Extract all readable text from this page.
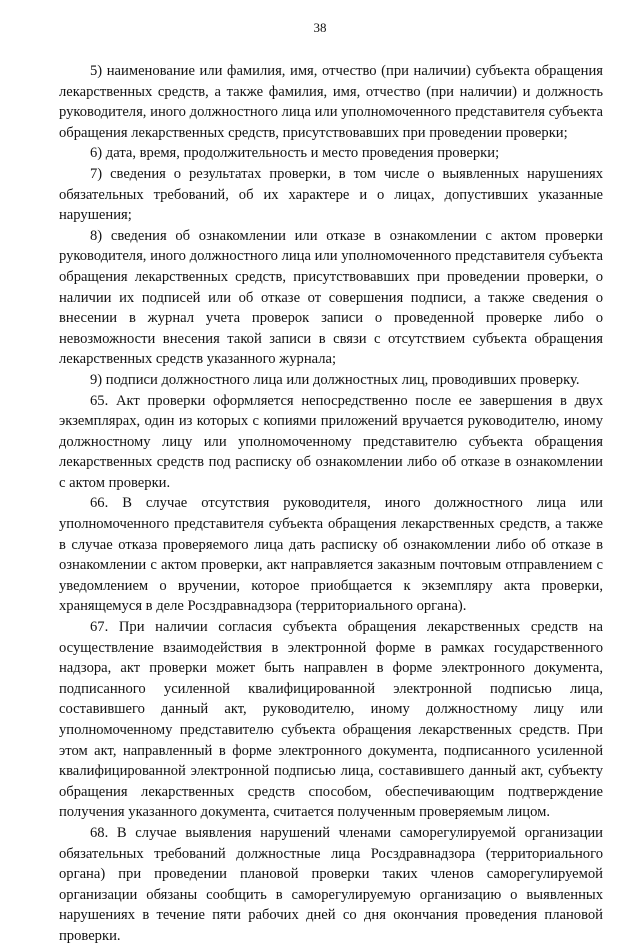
38

5) наименование или фамилия, имя, отчество (при наличии) субъекта обращения лекарственных средств, а также фамилия, имя, отчество (при наличии) и должность руководителя, иного должностного лица или уполномоченного представителя субъекта обращения лекарственных средств, присутствовавших при проведении проверки;

6) дата, время, продолжительность и место проведения проверки;

7) сведения о результатах проверки, в том числе о выявленных нарушениях обязательных требований, об их характере и о лицах, допустивших указанные нарушения;

8) сведения об ознакомлении или отказе в ознакомлении с актом проверки руководителя, иного должностного лица или уполномоченного представителя субъекта обращения лекарственных средств, присутствовавших при проведении проверки, о наличии их подписей или об отказе от совершения подписи, а также сведения о внесении в журнал учета проверок записи о проведенной проверке либо о невозможности внесения такой записи в связи с отсутствием субъекта обращения лекарственных средств указанного журнала;

9) подписи должностного лица или должностных лиц, проводивших проверку.

65. Акт проверки оформляется непосредственно после ее завершения в двух экземплярах, один из которых с копиями приложений вручается руководителю, иному должностному лицу или уполномоченному представителю субъекта обращения лекарственных средств под расписку об ознакомлении либо об отказе в ознакомлении с актом проверки.

66. В случае отсутствия руководителя, иного должностного лица или уполномоченного представителя субъекта обращения лекарственных средств, а также в случае отказа проверяемого лица дать расписку об ознакомлении либо об отказе в ознакомлении с актом проверки, акт направляется заказным почтовым отправлением с уведомлением о вручении, которое приобщается к экземпляру акта проверки, хранящемуся в деле Росздравнадзора (территориального органа).

67. При наличии согласия субъекта обращения лекарственных средств на осуществление взаимодействия в электронной форме в рамках государственного надзора, акт проверки может быть направлен в форме электронного документа, подписанного усиленной квалифицированной электронной подписью лица, составившего данный акт, руководителю, иному должностному лицу или уполномоченному представителю субъекта обращения лекарственных средств. При этом акт, направленный в форме электронного документа, подписанного усиленной квалифицированной электронной подписью лица, составившего данный акт, субъекту обращения лекарственных средств способом, обеспечивающим подтверждение получения указанного документа, считается полученным проверяемым лицом.

68. В случае выявления нарушений членами саморегулируемой организации обязательных требований должностные лица Росздравнадзора (территориального органа) при проведении плановой проверки таких членов саморегулируемой организации обязаны сообщить в саморегулируемую организацию о выявленных нарушениях в течение пяти рабочих дней со дня окончания проведения плановой проверки.
